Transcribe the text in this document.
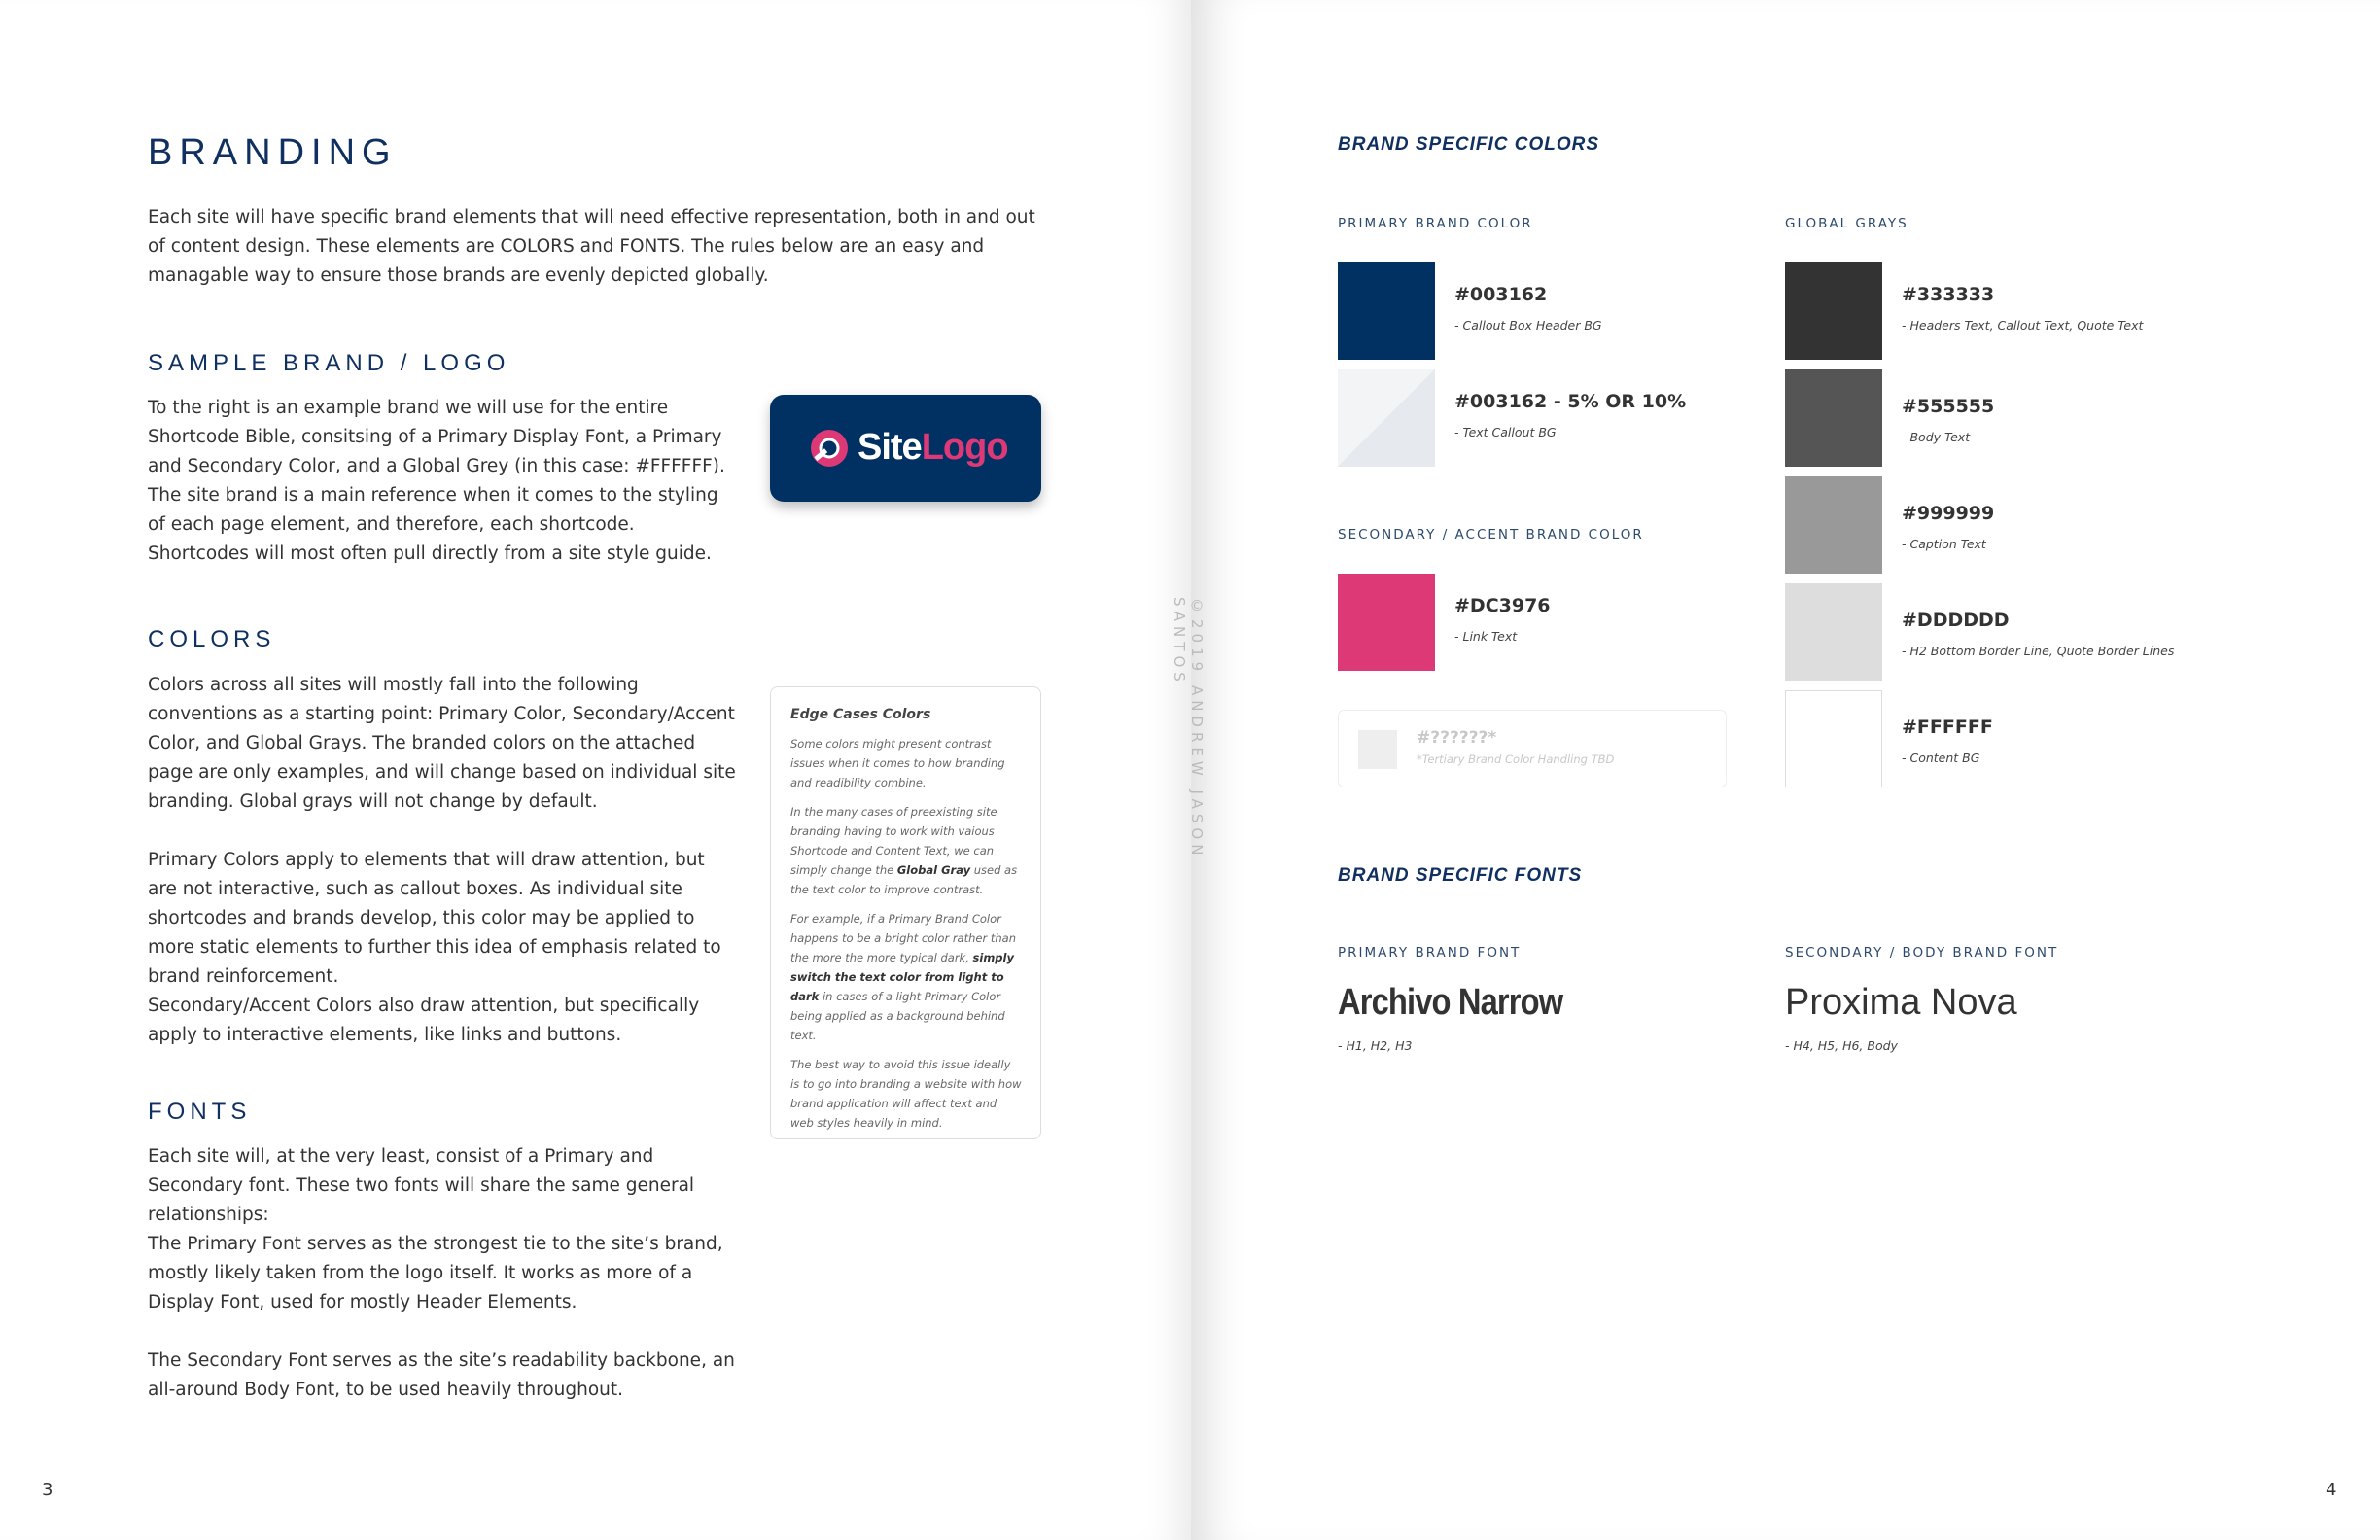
BRANDING
Each site will have specific brand elements that will need effective representation, both in and out of content design. These elements are COLORS and FONTS. The rules below are an easy and managable way to ensure those brands are evenly depicted globally.
SAMPLE BRAND / LOGO
To the right is an example brand we will use for the entire Shortcode Bible, consitsing of a Primary Display Font, a Primary and Secondary Color, and a Global Grey (in this case: #FFFFFF). The site brand is a main reference when it comes to the styling of each page element, and therefore, each shortcode. Shortcodes will most often pull directly from a site style guide.
SiteLogo
COLORS
Colors across all sites will mostly fall into the following conventions as a starting point: Primary Color, Secondary/Accent Color, and Global Grays. The branded colors on the attached page are only examples, and will change based on individual site branding. Global grays will not change by default.
Primary Colors apply to elements that will draw attention, but are not interactive, such as callout boxes. As individual site shortcodes and brands develop, this color may be applied to more static elements to further this idea of emphasis related to brand reinforcement.
Secondary/Accent Colors also draw attention, but specifically apply to interactive elements, like links and buttons.
Edge Cases Colors

Some colors might present contrast issues when it comes to how branding and readibility combine.

In the many cases of preexisting site branding having to work with vaious Shortcode and Content Text, we can simply change the Global Gray used as the text color to improve contrast.

For example, if a Primary Brand Color happens to be a bright color rather than the more the more typical dark, simply switch the text color from light to dark in cases of a light Primary Color being applied as a background behind text.

The best way to avoid this issue ideally is to go into branding a website with how brand application will affect text and web styles heavily in mind.

FONTS
Each site will, at the very least, consist of a Primary and Secondary font. These two fonts will share the same general relationships:
The Primary Font serves as the strongest tie to the site’s brand, mostly likely taken from the logo itself. It works as more of a Display Font, used for mostly Header Elements.
The Secondary Font serves as the site’s readability backbone, an all-around Body Font, to be used heavily throughout.
3
BRAND SPECIFIC COLORS
PRIMARY BRAND COLOR
#003162
- Callout Box Header BG
#003162 - 5% OR 10%
- Text Callout BG
SECONDARY / ACCENT BRAND COLOR
#DC3976
- Link Text
#??????*
*Tertiary Brand Color Handling TBD
GLOBAL GRAYS
#333333
- Headers Text, Callout Text, Quote Text
#555555
- Body Text
#999999
- Caption Text
#DDDDDD
- H2 Bottom Border Line, Quote Border Lines
#FFFFFF
- Content BG
BRAND SPECIFIC FONTS
PRIMARY BRAND FONT
Archivo Narrow
- H1, H2, H3
SECONDARY / BODY BRAND FONT
Proxima Nova
- H4, H5, H6, Body
4
©2019 ANDREW JASON SANTOS
